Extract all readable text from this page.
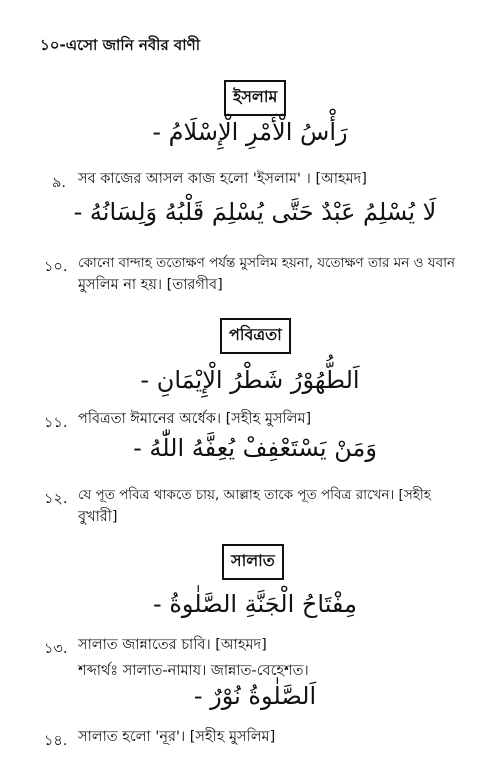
১০-এসো জানি নবীর বাণী
ইসলাম
رَأْسُ الْأَمْرِ الْإِسْلَامُ -
৯. সব কাজের আসল কাজ হলো 'ইসলাম' । [আহমদ]
لَا يُسْلِمُ عَبْدٌ حَتَّى يُسْلِمَ قَلْبُهُ وَلِسَانُهُ -
১০. কোনো বান্দাহ ততোক্ষণ পর্যন্ত মুসলিম হয়না, যতোক্ষণ তার মন ও যবান
মুসলিম না হয়। [তারগীব]
পবিত্রতা
اَلطُّهُوْرُ شَطْرُ الْإِيْمَانِ -
১১. পবিত্রতা ঈমানের অর্ধেক। [সহীহ মুসলিম]
وَمَنْ يَسْتَعْفِفْ يُعِفَّهُ اللّٰهُ -
১২. যে পূত পবিত্র থাকতে চায়, আল্লাহ তাকে পূত পবিত্র রাখেন। [সহীহ
বুখারী]
সালাত
مِفْتَاحُ الْجَنَّةِ الصَّلٰوةُ -
১৩. সালাত জান্নাতের চাবি। [আহমদ]
শব্দার্থঃ সালাত-নামায। জান্নাত-বেহেশত।
اَلصَّلٰوةُ نُوْرٌ -
১৪. সালাত হলো 'নূর'। [সহীহ মুসলিম]
